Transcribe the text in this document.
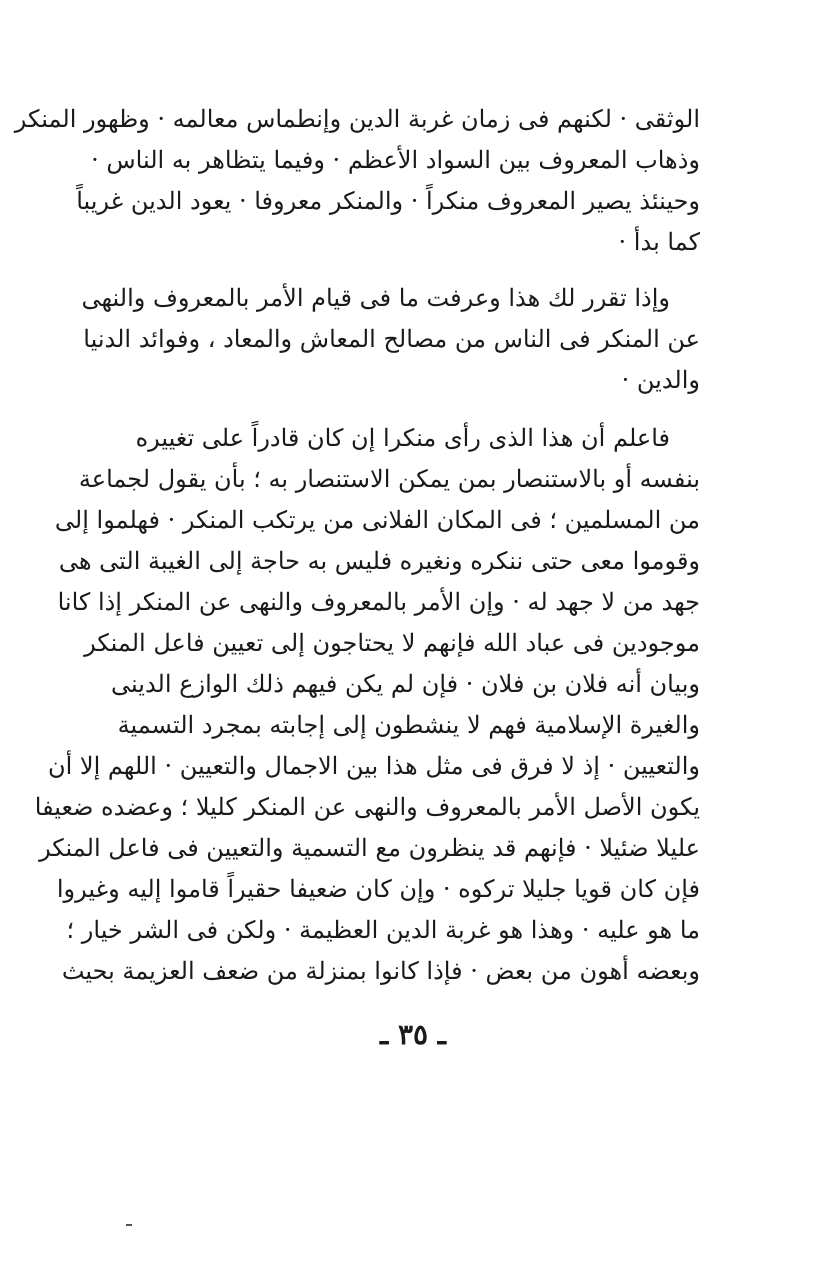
الوثقى · لكنهم فى زمان غربة الدين وإنطماس معالمه · وظهور المنكر
وذهاب المعروف بين السواد الأعظم · وفيما يتظاهر به الناس ·
وحينئذ يصير المعروف منكراً · والمنكر معروفا · يعود الدين غريباً
كما بدأ ·
وإذا تقرر لك هذا وعرفت ما فى قيام الأمر بالمعروف والنهى
عن المنكر فى الناس من مصالح المعاش والمعاد ، وفوائد الدنيا
والدين ·
فاعلم أن هذا الذى رأى منكرا إن كان قادراً على تغييره
بنفسه أو بالاستنصار بمن يمكن الاستنصار به ؛ بأن يقول لجماعة
من المسلمين ؛ فى المكان الفلانى من يرتكب المنكر · فهلموا إلى
وقوموا معى حتى ننكره ونغيره فليس به حاجة إلى الغيبة التى هى
جهد من لا جهد له · وإن الأمر بالمعروف والنهى عن المنكر إذا كانا
موجودين فى عباد الله فإنهم لا يحتاجون إلى تعيين فاعل المنكر
وبيان أنه فلان بن فلان · فإن لم يكن فيهم ذلك الوازع الدينى
والغيرة الإسلامية فهم لا ينشطون إلى إجابته بمجرد التسمية
والتعيين · إذ لا فرق فى مثل هذا بين الاجمال والتعيين · اللهم إلا أن
يكون الأصل الأمر بالمعروف والنهى عن المنكر كليلا ؛ وعضده ضعيفا
عليلا ضئيلا · فإنهم قد ينظرون مع التسمية والتعيين فى فاعل المنكر
فإن كان قويا جليلا تركوه · وإن كان ضعيفا حقيراً قاموا إليه وغيروا
ما هو عليه · وهذا هو غربة الدين العظيمة · ولكن فى الشر خيار ؛
وبعضه أهون من بعض · فإذا كانوا بمنزلة من ضعف العزيمة بحيث
ـ ٣٥ ـ
